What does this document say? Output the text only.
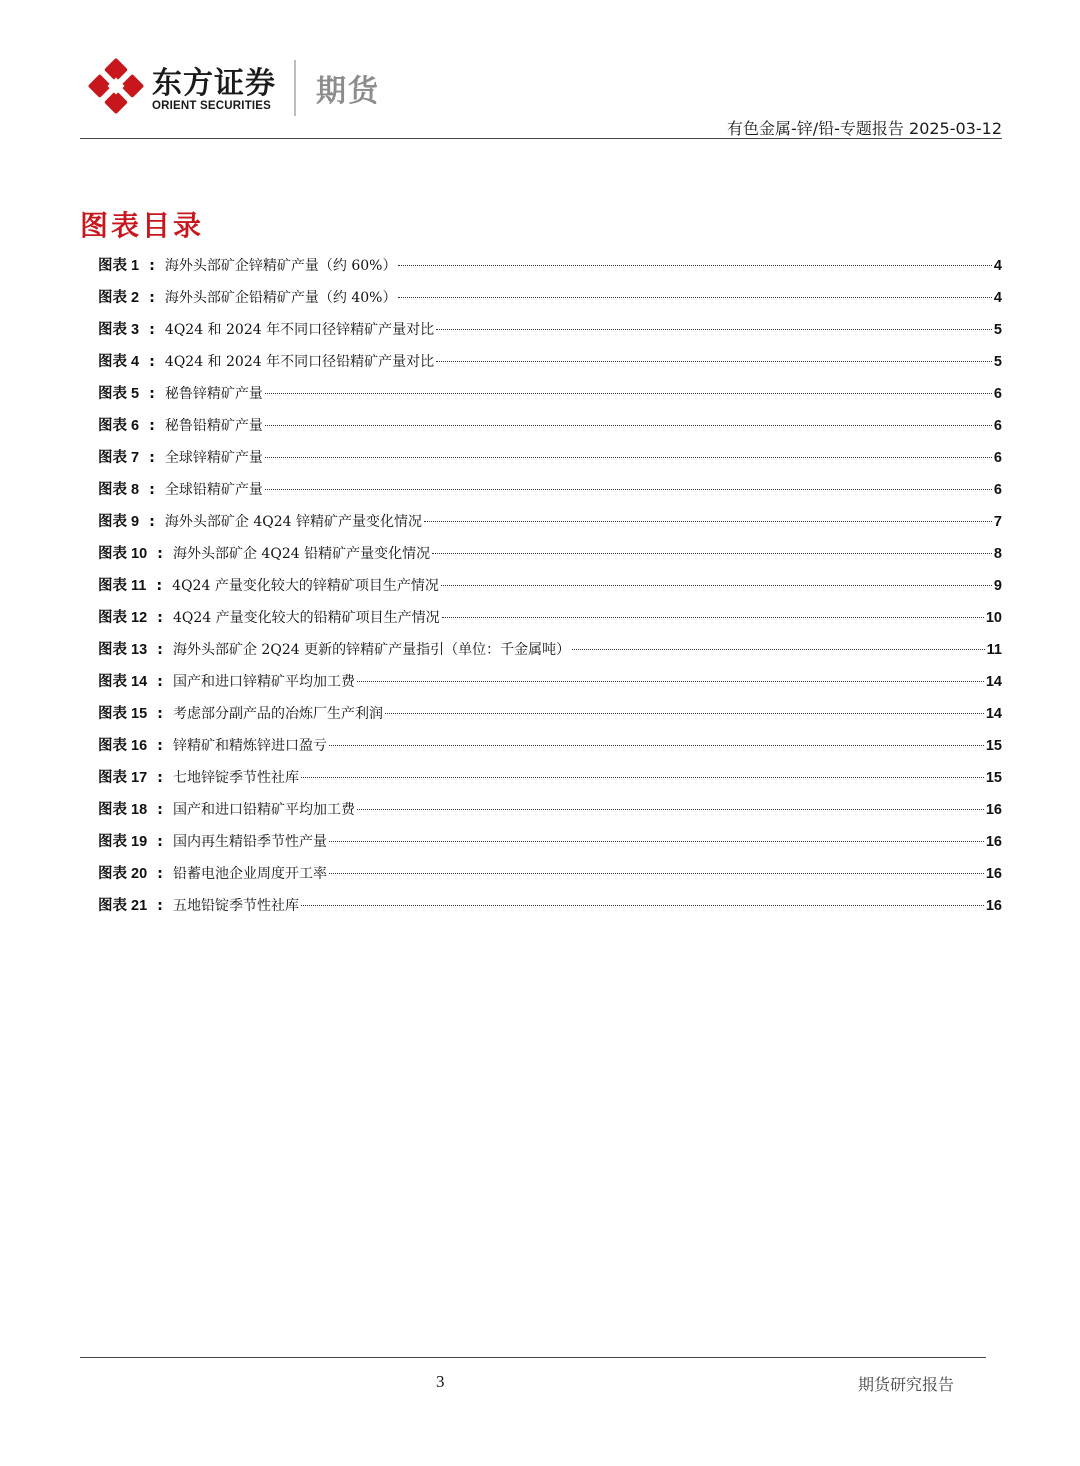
东方证券
ORIENT SECURITIES 期货
有色金属-锌/铅-专题报告 2025-03-12
图表目录
图表 1 : 海外头部矿企锌精矿产量（约 60%）	4
图表 2 : 海外头部矿企铅精矿产量（约 40%）	4
图表 3 : 4Q24 和 2024 年不同口径锌精矿产量对比	5
图表 4 : 4Q24 和 2024 年不同口径铅精矿产量对比	5
图表 5 : 秘鲁锌精矿产量	6
图表 6 : 秘鲁铅精矿产量	6
图表 7 : 全球锌精矿产量	6
图表 8 : 全球铅精矿产量	6
图表 9 : 海外头部矿企 4Q24 锌精矿产量变化情况	7
图表 10 : 海外头部矿企 4Q24 铅精矿产量变化情况	8
图表 11 : 4Q24 产量变化较大的锌精矿项目生产情况	9
图表 12 : 4Q24 产量变化较大的铅精矿项目生产情况	10
图表 13 : 海外头部矿企 2Q24 更新的锌精矿产量指引（单位：千金属吨）	11
图表 14 : 国产和进口锌精矿平均加工费	14
图表 15 : 考虑部分副产品的冶炼厂生产利润	14
图表 16 : 锌精矿和精炼锌进口盈亏	15
图表 17 : 七地锌锭季节性社库	15
图表 18 : 国产和进口铅精矿平均加工费	16
图表 19 : 国内再生精铅季节性产量	16
图表 20 : 铅蓄电池企业周度开工率	16
图表 21 : 五地铅锭季节性社库	16
3	期货研究报告
